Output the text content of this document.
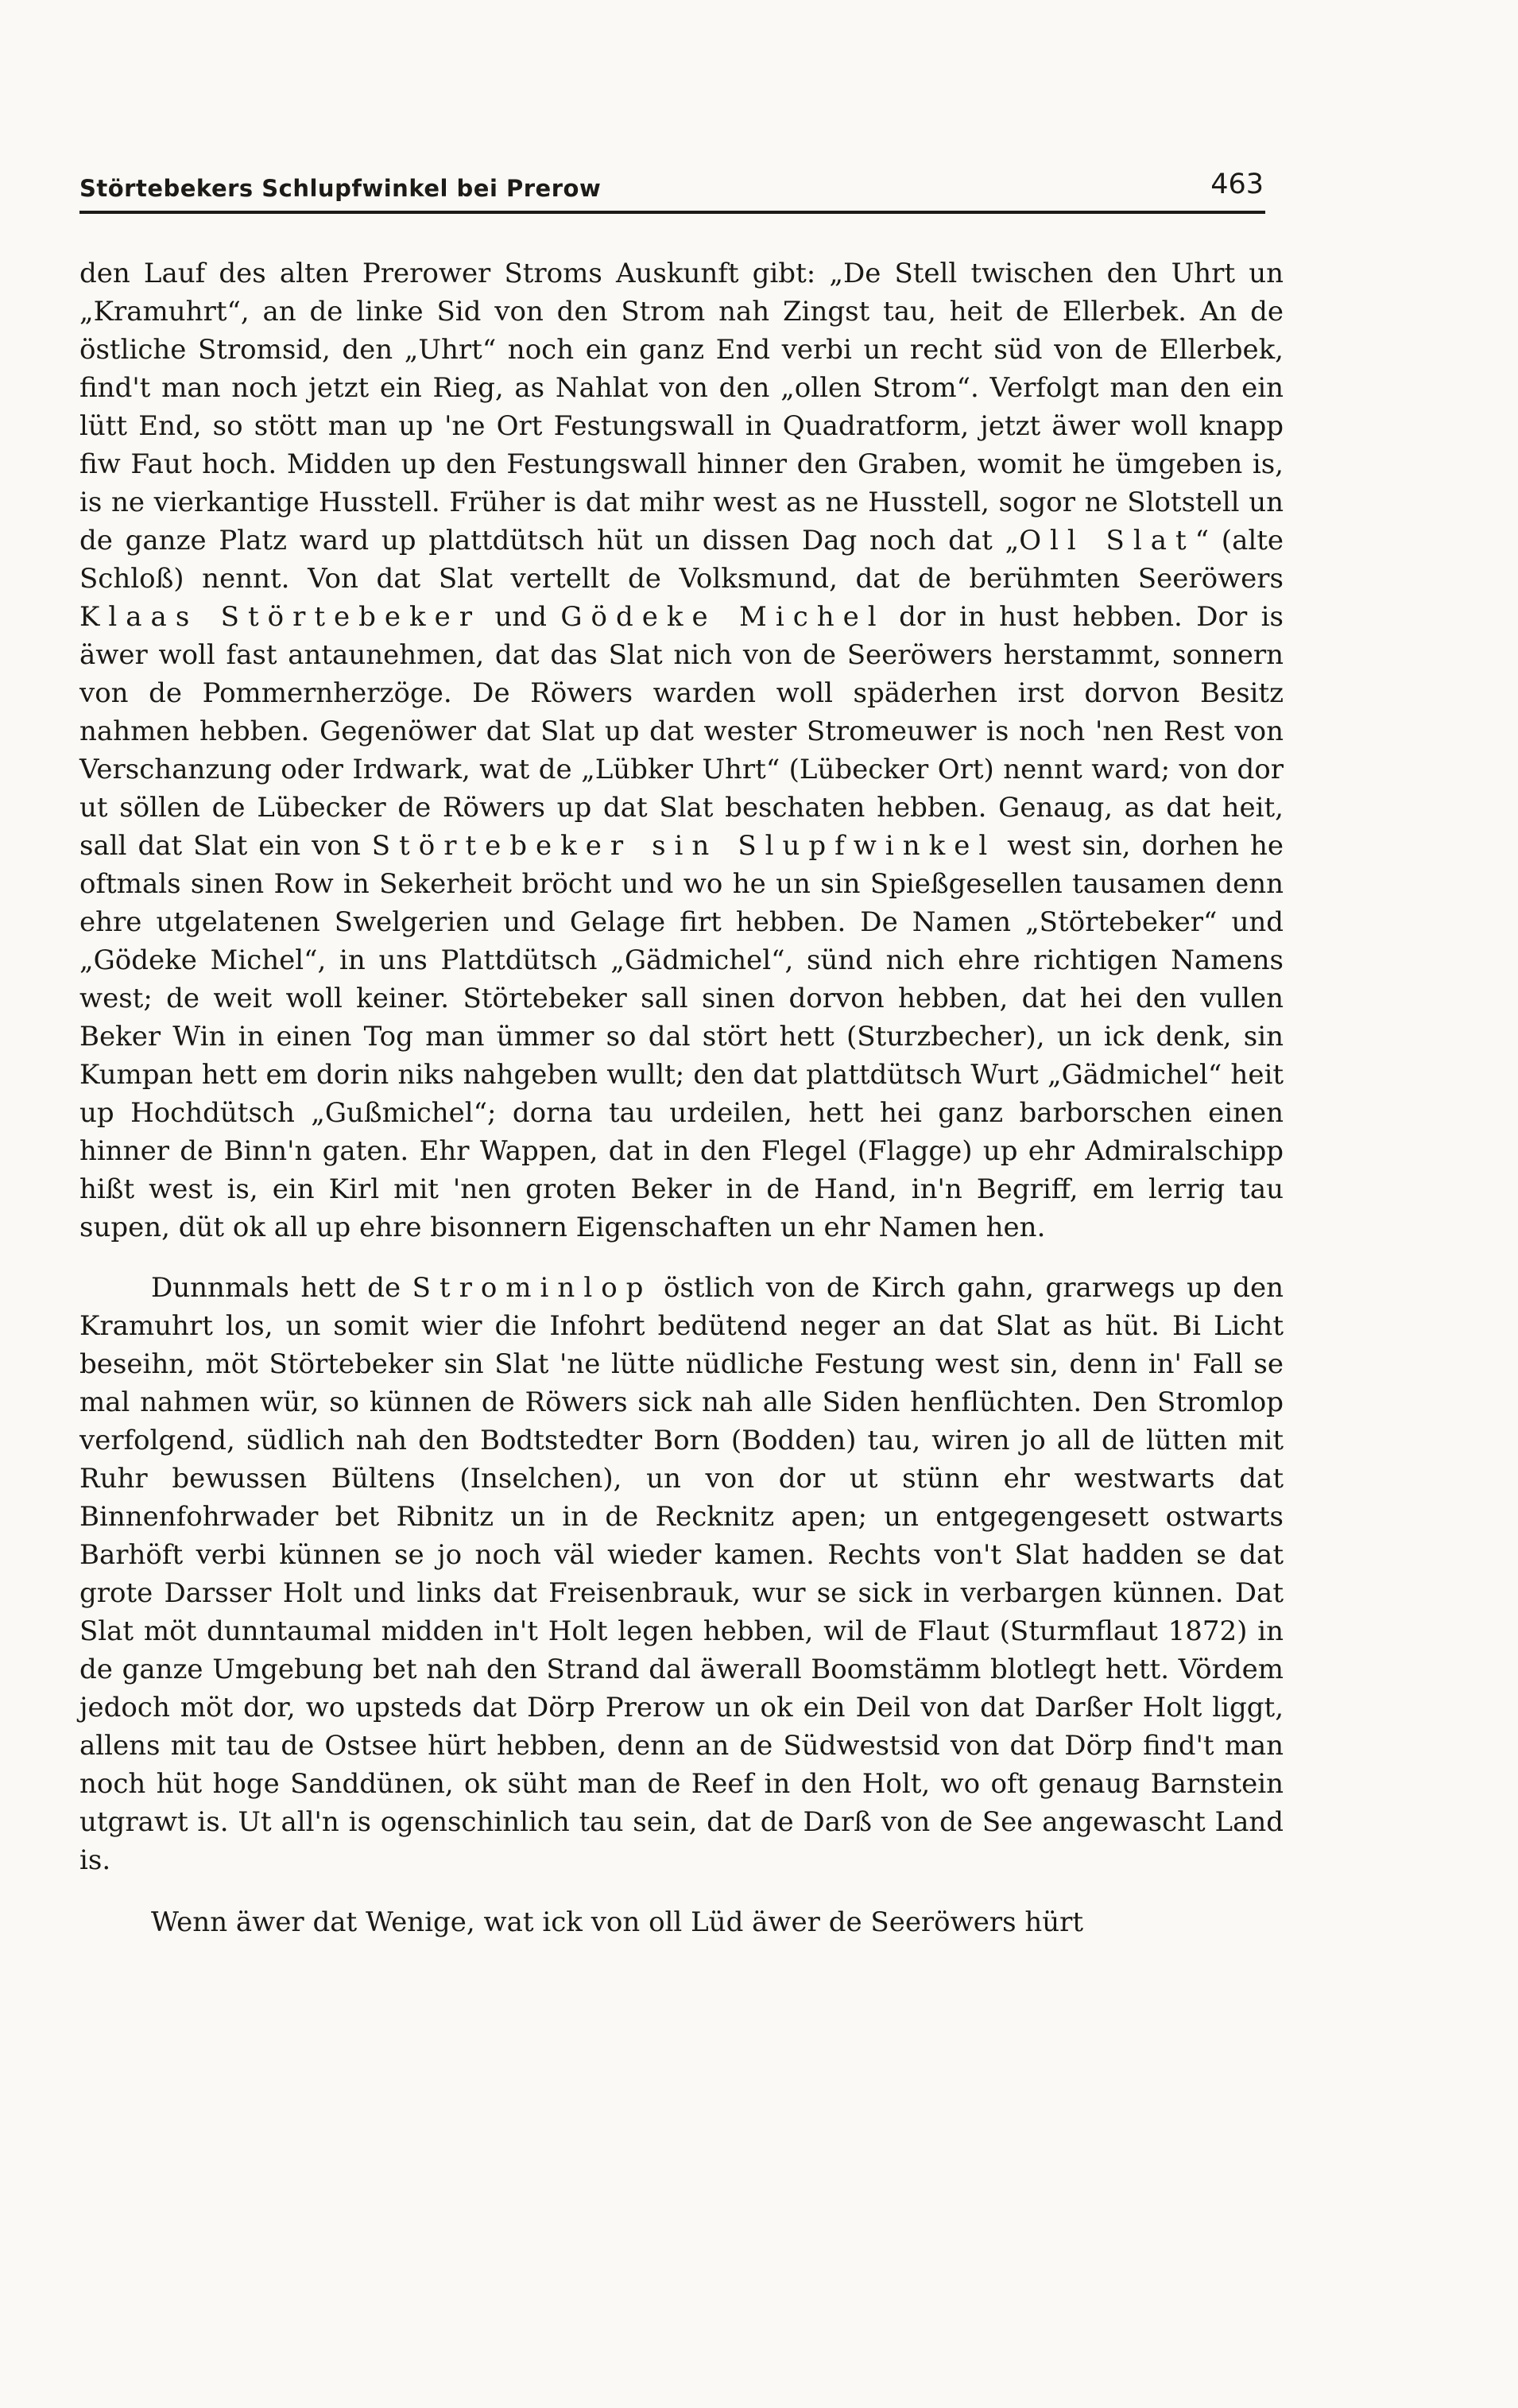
Störtebekers Schlupfwinkel bei Prerow	463

den Lauf des alten Prerower Stroms Auskunft gibt: „De Stell twischen den Uhrt un „Kramuhrt“, an de linke Sid von den Strom nah Zingst tau, heit de Ellerbek. An de östliche Stromsid, den „Uhrt“ noch ein ganz End verbi un recht süd von de Ellerbek, find't man noch jetzt ein Rieg, as Nahlat von den „ollen Strom“. Verfolgt man den ein lütt End, so stött man up 'ne Ort Festungswall in Quadratform, jetzt äwer woll knapp fiw Faut hoch. Midden up den Festungswall hinner den Graben, womit he ümgeben is, is ne vierkantige Husstell. Früher is dat mihr west as ne Husstell, sogor ne Slotstell un de ganze Platz ward up plattdütsch hüt un dissen Dag noch dat „Oll Slat“ (alte Schloß) nennt. Von dat Slat vertellt de Volksmund, dat de berühmten Seeröwers Klaas Störtebeker und Gödeke Michel dor in hust hebben. Dor is äwer woll fast antaunehmen, dat das Slat nich von de Seeröwers herstammt, sonnern von de Pommernherzöge. De Röwers warden woll späderhen irst dorvon Besitz nahmen hebben. Gegenöwer dat Slat up dat wester Stromeuwer is noch 'nen Rest von Verschanzung oder Irdwark, wat de „Lübker Uhrt“ (Lübecker Ort) nennt ward; von dor ut söllen de Lübecker de Röwers up dat Slat beschaten hebben. Genaug, as dat heit, sall dat Slat ein von Störtebeker sin Slupfwinkel west sin, dorhen he oftmals sinen Row in Sekerheit bröcht und wo he un sin Spießgesellen tausamen denn ehre utgelatenen Swelgerien und Gelage firt hebben. De Namen „Störtebeker“ und „Gödeke Michel“, in uns Plattdütsch „Gädmichel“, sünd nich ehre richtigen Namens west; de weit woll keiner. Störtebeker sall sinen dorvon hebben, dat hei den vullen Beker Win in einen Tog man ümmer so dal stört hett (Sturzbecher), un ick denk, sin Kumpan hett em dorin niks nahgeben wullt; den dat plattdütsch Wurt „Gädmichel“ heit up Hochdütsch „Gußmichel“; dorna tau urdeilen, hett hei ganz barborschen einen hinner de Binn'n gaten. Ehr Wappen, dat in den Flegel (Flagge) up ehr Admiralschipp hißt west is, ein Kirl mit 'nen groten Beker in de Hand, in'n Begriff, em lerrig tau supen, düt ok all up ehre bisonnern Eigenschaften un ehr Namen hen.

Dunnmals hett de Strominlop östlich von de Kirch gahn, grarwegs up den Kramuhrt los, un somit wier die Infohrt bedütend neger an dat Slat as hüt. Bi Licht beseihn, möt Störtebeker sin Slat 'ne lütte nüdliche Festung west sin, denn in' Fall se mal nahmen wür, so künnen de Röwers sick nah alle Siden henflüchten. Den Stromlop verfolgend, südlich nah den Bodtstedter Born (Bodden) tau, wiren jo all de lütten mit Ruhr bewussen Bültens (Inselchen), un von dor ut stünn ehr westwarts dat Binnenfohrwader bet Ribnitz un in de Recknitz apen; un entgegengesett ostwarts Barhöft verbi künnen se jo noch väl wieder kamen. Rechts von't Slat hadden se dat grote Darsser Holt und links dat Freisenbrauk, wur se sick in verbargen künnen. Dat Slat möt dunntaumal midden in't Holt legen hebben, wil de Flaut (Sturmflaut 1872) in de ganze Umgebung bet nah den Strand dal äwerall Boomstämm blotlegt hett. Vördem jedoch möt dor, wo upsteds dat Dörp Prerow un ok ein Deil von dat Darßer Holt liggt, allens mit tau de Ostsee hürt hebben, denn an de Südwestsid von dat Dörp find't man noch hüt hoge Sanddünen, ok süht man de Reef in den Holt, wo oft genaug Barnstein utgrawt is. Ut all'n is ogenschinlich tau sein, dat de Darß von de See angewascht Land is.

Wenn äwer dat Wenige, wat ick von oll Lüd äwer de Seeröwers hürt
